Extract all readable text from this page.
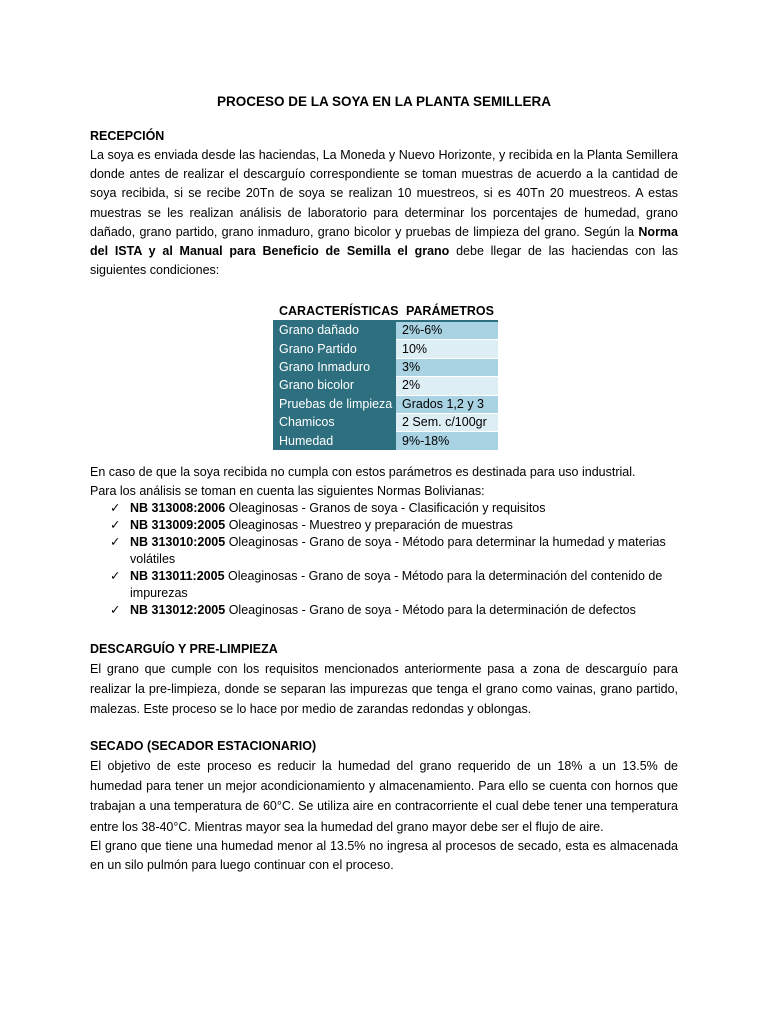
PROCESO DE LA SOYA EN LA PLANTA SEMILLERA
RECEPCIÓN

La soya es enviada desde las haciendas, La Moneda y Nuevo Horizonte, y recibida en la Planta Semillera donde antes de realizar el descarguío correspondiente se toman muestras de acuerdo a la cantidad de soya recibida, si se recibe 20Tn de soya se realizan 10 muestreos, si es 40Tn 20 muestreos. A estas muestras se les realizan análisis de laboratorio para determinar los porcentajes de humedad, grano dañado, grano partido, grano inmaduro, grano bicolor y pruebas de limpieza del grano. Según la Norma del ISTA y al Manual para Beneficio de Semilla el grano debe llegar de las haciendas con las siguientes condiciones:

CARACTERÍSTICAS PARÁMETROS
Grano dañado	2%-6%
Grano Partido	10%
Grano Inmaduro	3%
Grano bicolor	2%
Pruebas de limpieza	Grados 1,2 y 3
Chamicos	2 Sem. c/100gr
Humedad	9%-18%

En caso de que la soya recibida no cumpla con estos parámetros es destinada para uso industrial.

Para los análisis se toman en cuenta las siguientes Normas Bolivianas:

✓ NB 313008:2006 Oleaginosas - Granos de soya - Clasificación y requisitos
✓ NB 313009:2005 Oleaginosas - Muestreo y preparación de muestras
✓ NB 313010:2005 Oleaginosas - Grano de soya - Método para determinar la humedad y materias volátiles
✓ NB 313011:2005 Oleaginosas - Grano de soya - Método para la determinación del contenido de impurezas
✓ NB 313012:2005 Oleaginosas - Grano de soya - Método para la determinación de defectos
DESCARGUÍO Y PRE-LIMPIEZA

El grano que cumple con los requisitos mencionados anteriormente pasa a zona de descarguío para realizar la pre-limpieza, donde se separan las impurezas que tenga el grano como vainas, grano partido, malezas. Este proceso se lo hace por medio de zarandas redondas y oblongas.

SECADO (SECADOR ESTACIONARIO)

El objetivo de este proceso es reducir la humedad del grano requerido de un 18% a un 13.5% de humedad para tener un mejor acondicionamiento y almacenamiento. Para ello se cuenta con hornos que trabajan a una temperatura de 60°C. Se utiliza aire en contracorriente el cual debe tener una temperatura entre los 38-40°C. Mientras mayor sea la humedad del grano mayor debe ser el flujo de aire.

El grano que tiene una humedad menor al 13.5% no ingresa al procesos de secado, esta es almacenada en un silo pulmón para luego continuar con el proceso.
